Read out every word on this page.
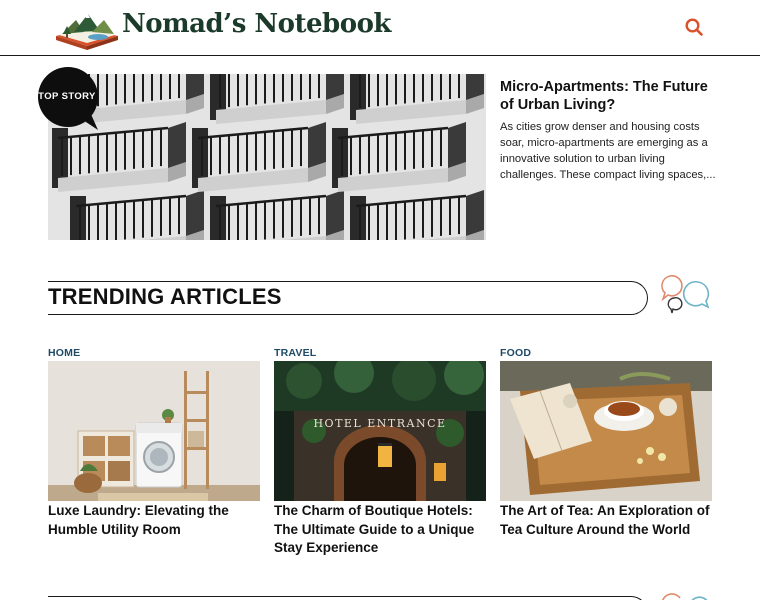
Nomad’s Notebook
TOP STORY
Micro-Apartments: The Future of Urban Living?
As cities grow denser and housing costs soar, micro-apartments are emerging as a innovative solution to urban living challenges. These compact living spaces,...
TRENDING ARTICLES
HOME
Luxe Laundry: Elevating the Humble Utility Room
TRAVEL
HOTEL ENTRANCE
The Charm of Boutique Hotels: The Ultimate Guide to a Unique Stay Experience
FOOD
The Art of Tea: An Exploration of Tea Culture Around the World
